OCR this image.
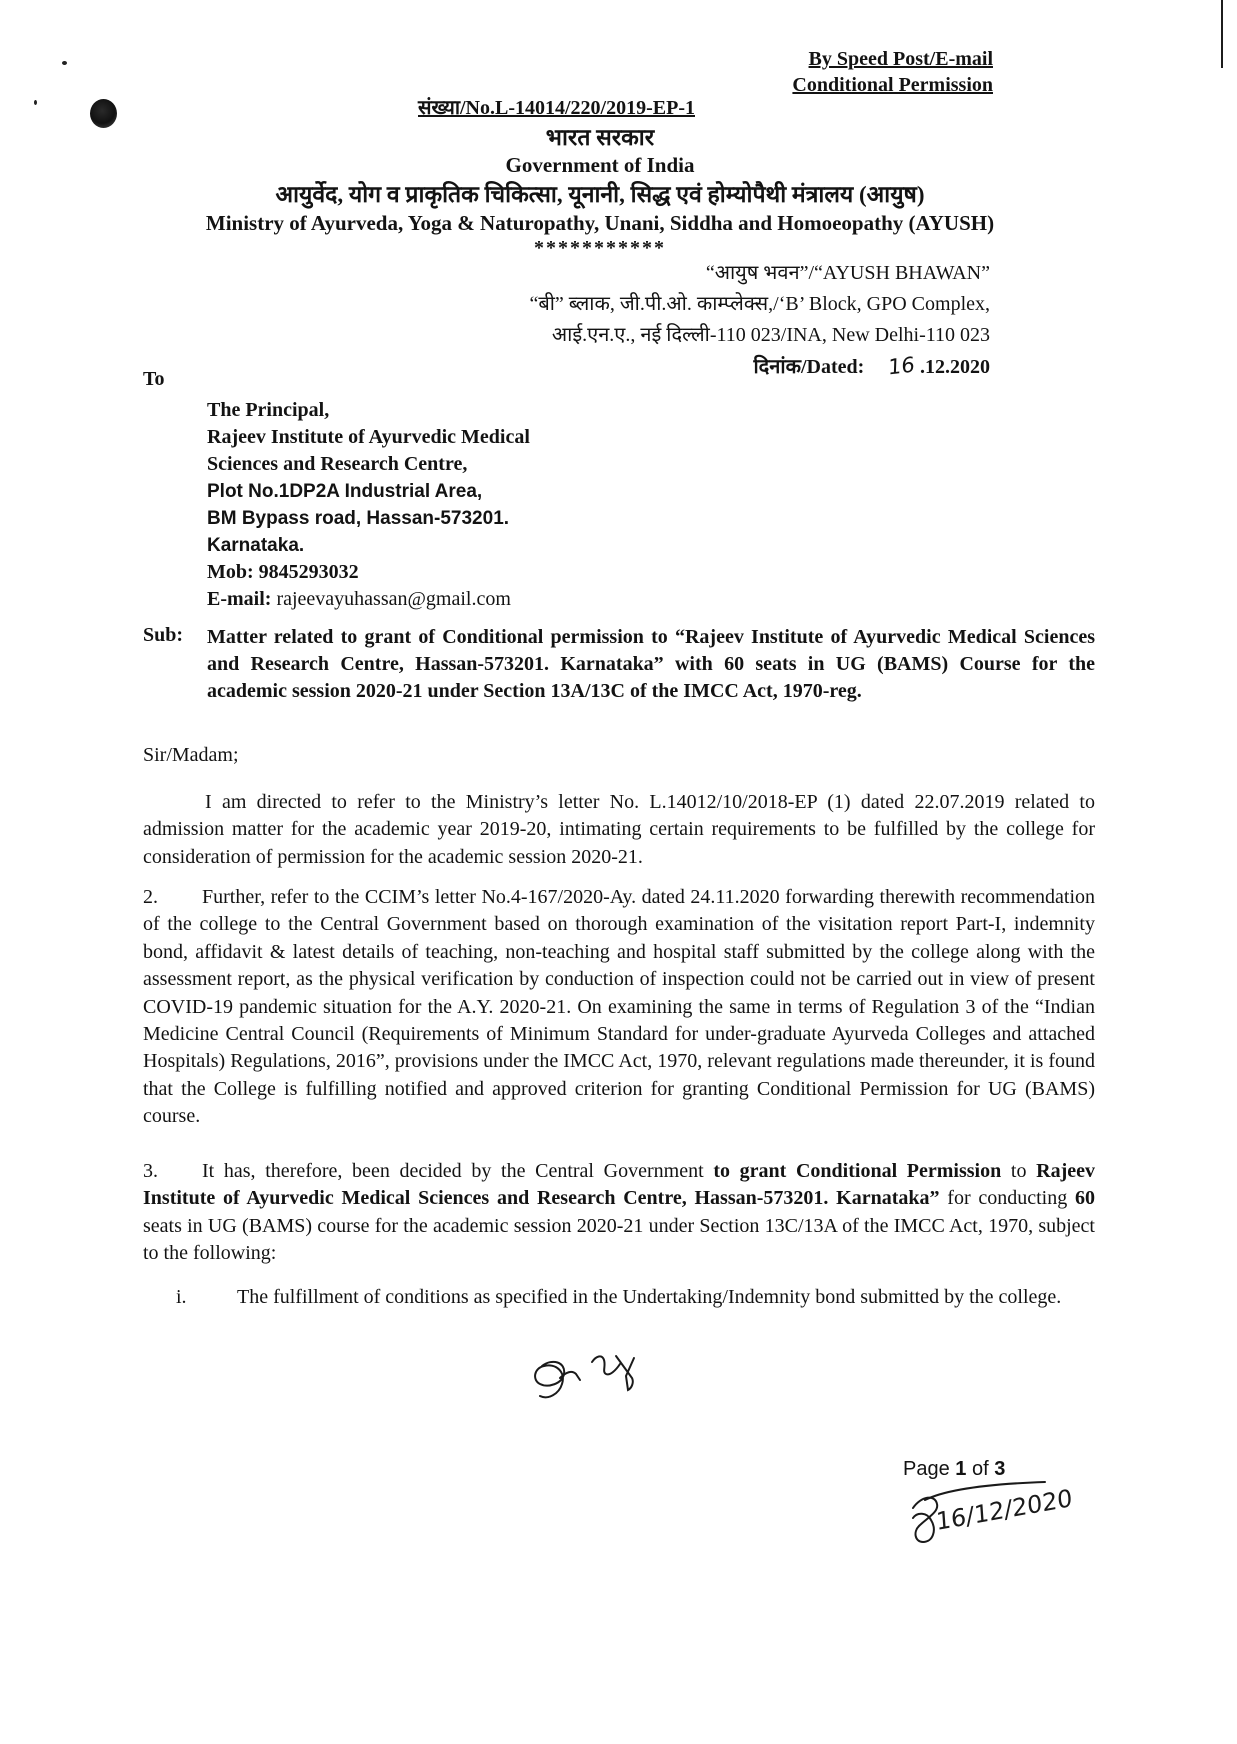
By Speed Post/E-mail
Conditional Permission
संख्या/No.L-14014/220/2019-EP-1
भारत सरकार
Government of India
आयुर्वेद, योग व प्राकृतिक चिकित्सा, यूनानी, सिद्ध एवं होम्योपैथी मंत्रालय (आयुष)
Ministry of Ayurveda, Yoga & Naturopathy, Unani, Siddha and Homoeopathy (AYUSH)
***********
“आयुष भवन”/“AYUSH BHAWAN”
“बी” ब्लाक, जी.पी.ओ. काम्प्लेक्स,/‘B’ Block, GPO Complex,
आई.एन.ए., नई दिल्ली-110 023/INA, New Delhi-110 023
दिनांक/Dated: 16 .12.2020
To
The Principal,
Rajeev Institute of Ayurvedic Medical
Sciences and Research Centre,
Plot No.1DP2A Industrial Area,
BM Bypass road, Hassan-573201.
Karnataka.
Mob: 9845293032
E-mail: rajeevayuhassan@gmail.com
Sub: Matter related to grant of Conditional permission to “Rajeev Institute of Ayurvedic Medical Sciences and Research Centre, Hassan-573201. Karnataka” with 60 seats in UG (BAMS) Course for the academic session 2020-21 under Section 13A/13C of the IMCC Act, 1970-reg.
Sir/Madam;
I am directed to refer to the Ministry’s letter No. L.14012/10/2018-EP (1) dated 22.07.2019 related to admission matter for the academic year 2019-20, intimating certain requirements to be fulfilled by the college for consideration of permission for the academic session 2020-21.
2. Further, refer to the CCIM’s letter No.4-167/2020-Ay. dated 24.11.2020 forwarding therewith recommendation of the college to the Central Government based on thorough examination of the visitation report Part-I, indemnity bond, affidavit & latest details of teaching, non-teaching and hospital staff submitted by the college along with the assessment report, as the physical verification by conduction of inspection could not be carried out in view of present COVID-19 pandemic situation for the A.Y. 2020-21. On examining the same in terms of Regulation 3 of the “Indian Medicine Central Council (Requirements of Minimum Standard for under-graduate Ayurveda Colleges and attached Hospitals) Regulations, 2016”, provisions under the IMCC Act, 1970, relevant regulations made thereunder, it is found that the College is fulfilling notified and approved criterion for granting Conditional Permission for UG (BAMS) course.
3. It has, therefore, been decided by the Central Government to grant Conditional Permission to Rajeev Institute of Ayurvedic Medical Sciences and Research Centre, Hassan-573201. Karnataka” for conducting 60 seats in UG (BAMS) course for the academic session 2020-21 under Section 13C/13A of the IMCC Act, 1970, subject to the following:
i.	The fulfillment of conditions as specified in the Undertaking/Indemnity bond submitted by the college.
Page 1 of 3
16/12/2020
